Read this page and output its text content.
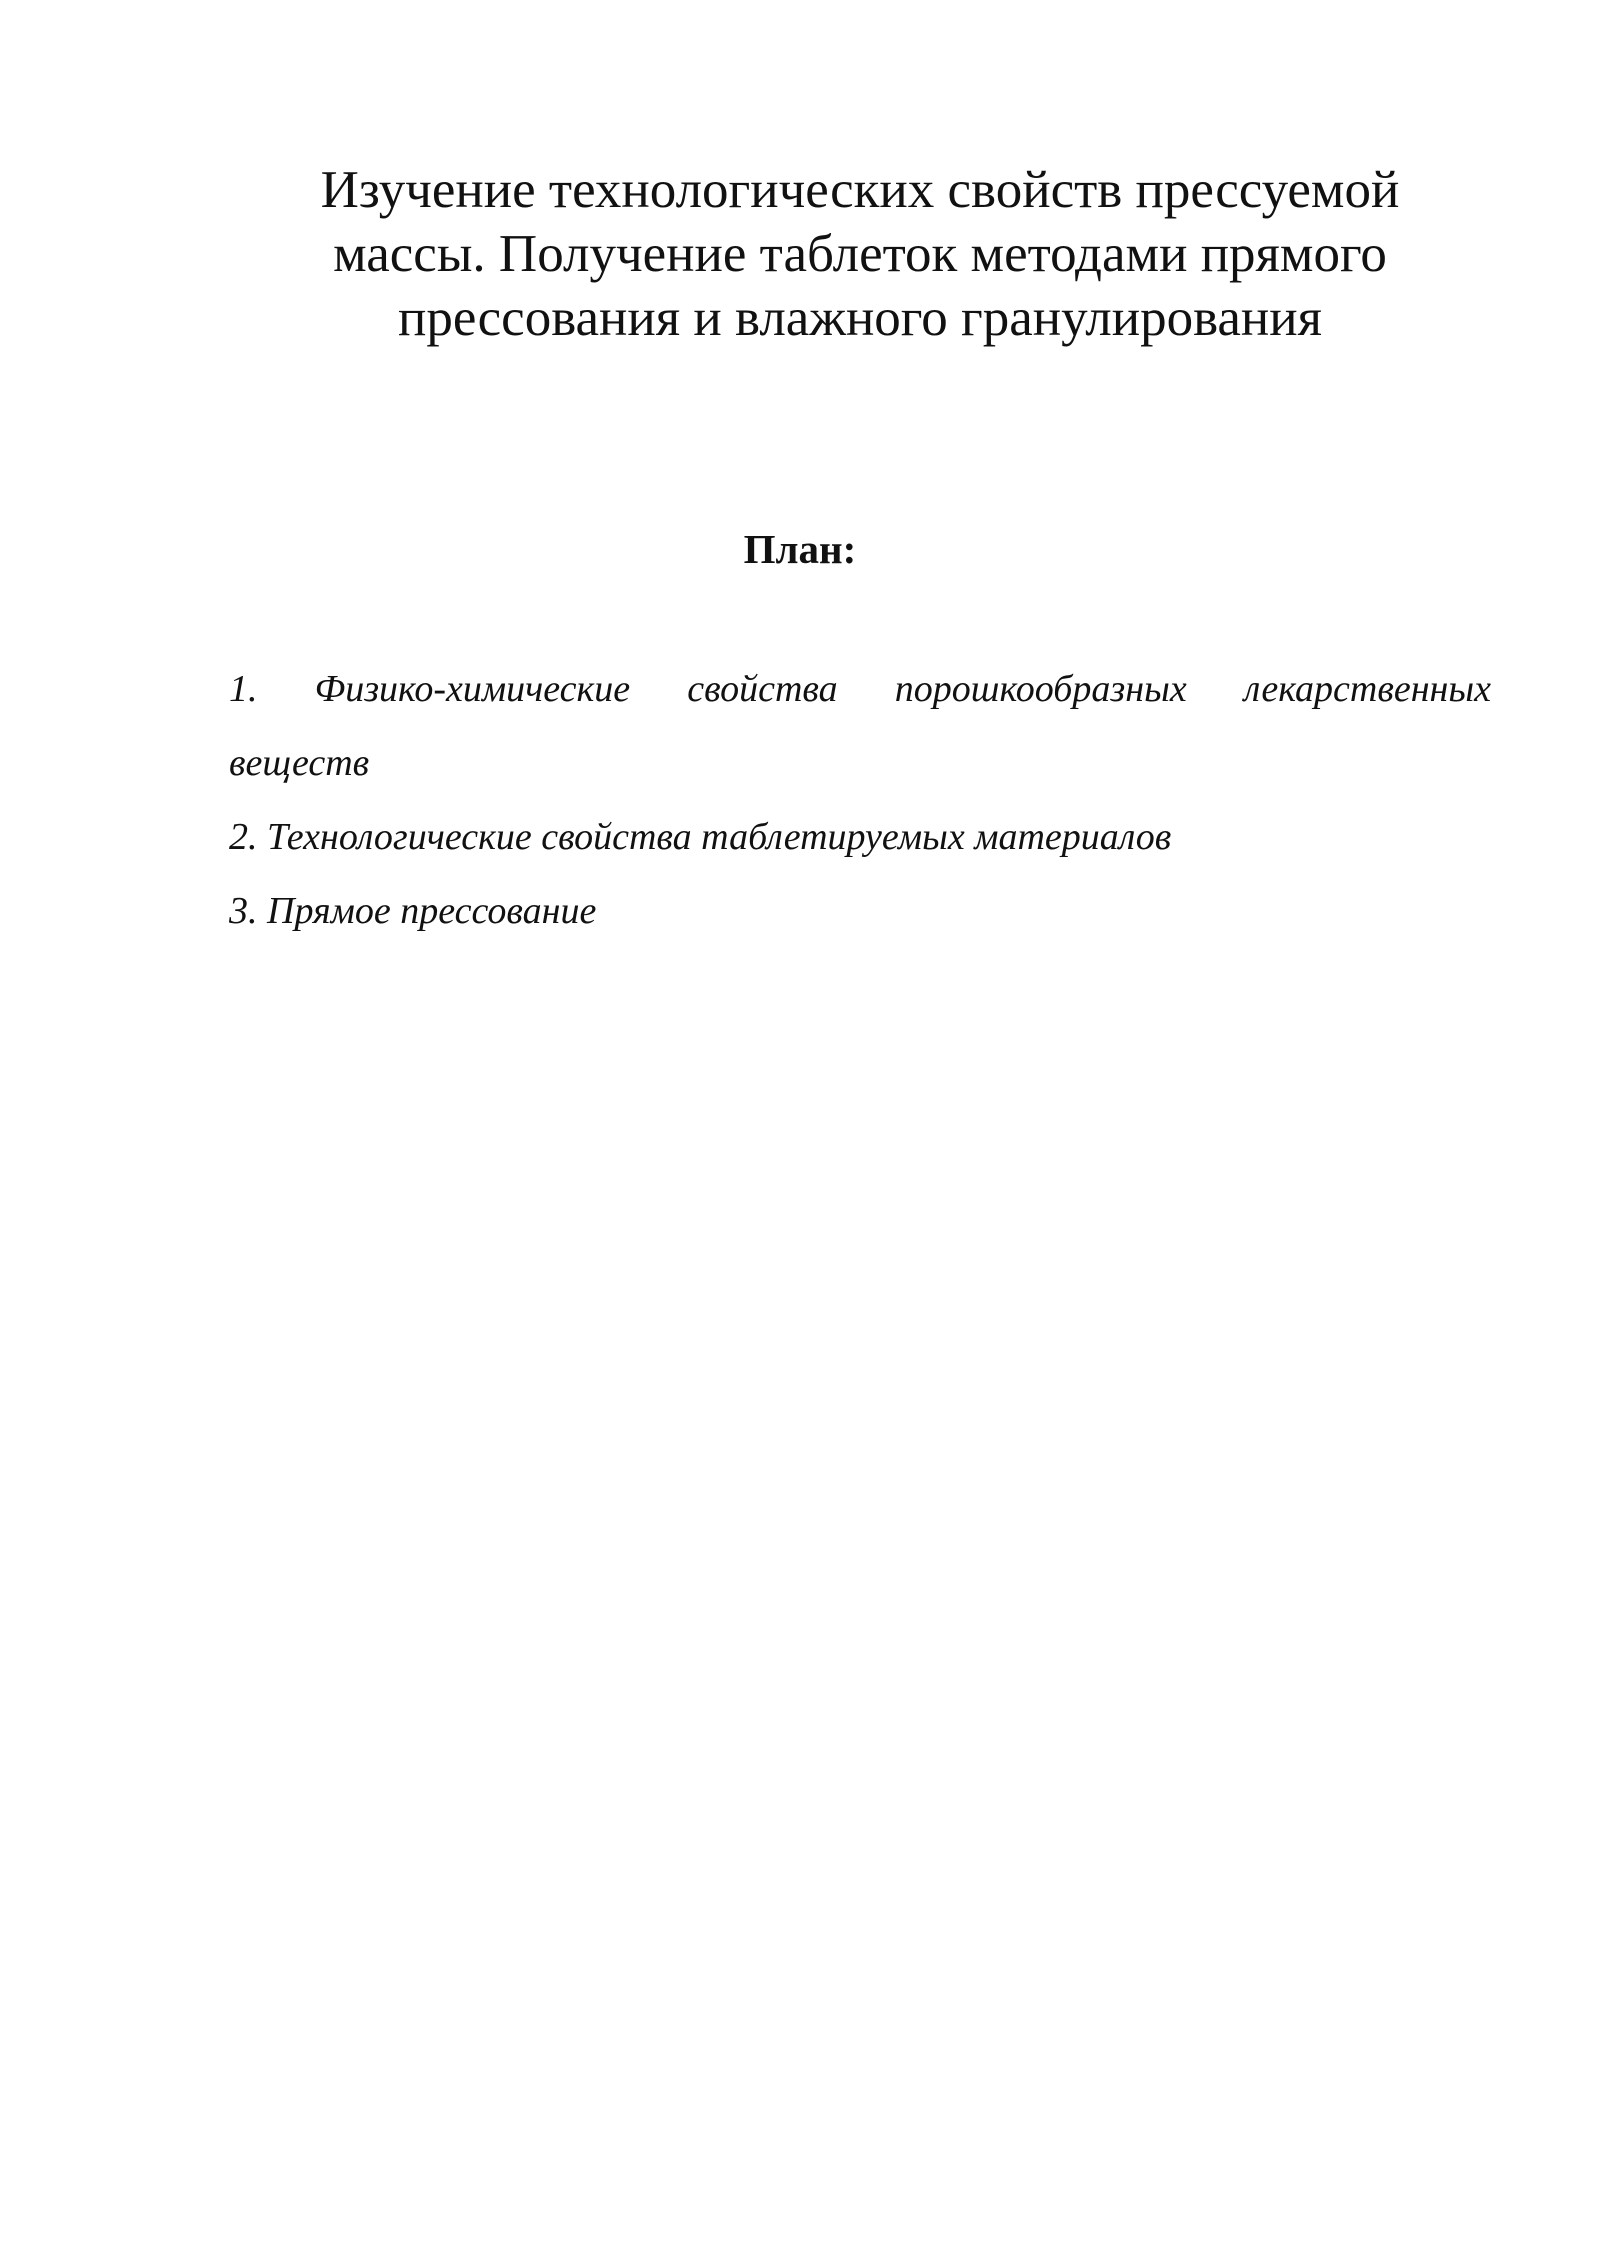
Изучение технологических свойств прессуемой
массы. Получение таблеток методами прямого
прессования и влажного гранулирования
План:
1. Физико-химические свойства порошкообразных лекарственных
веществ
2. Технологические свойства таблетируемых материалов
3. Прямое прессование
